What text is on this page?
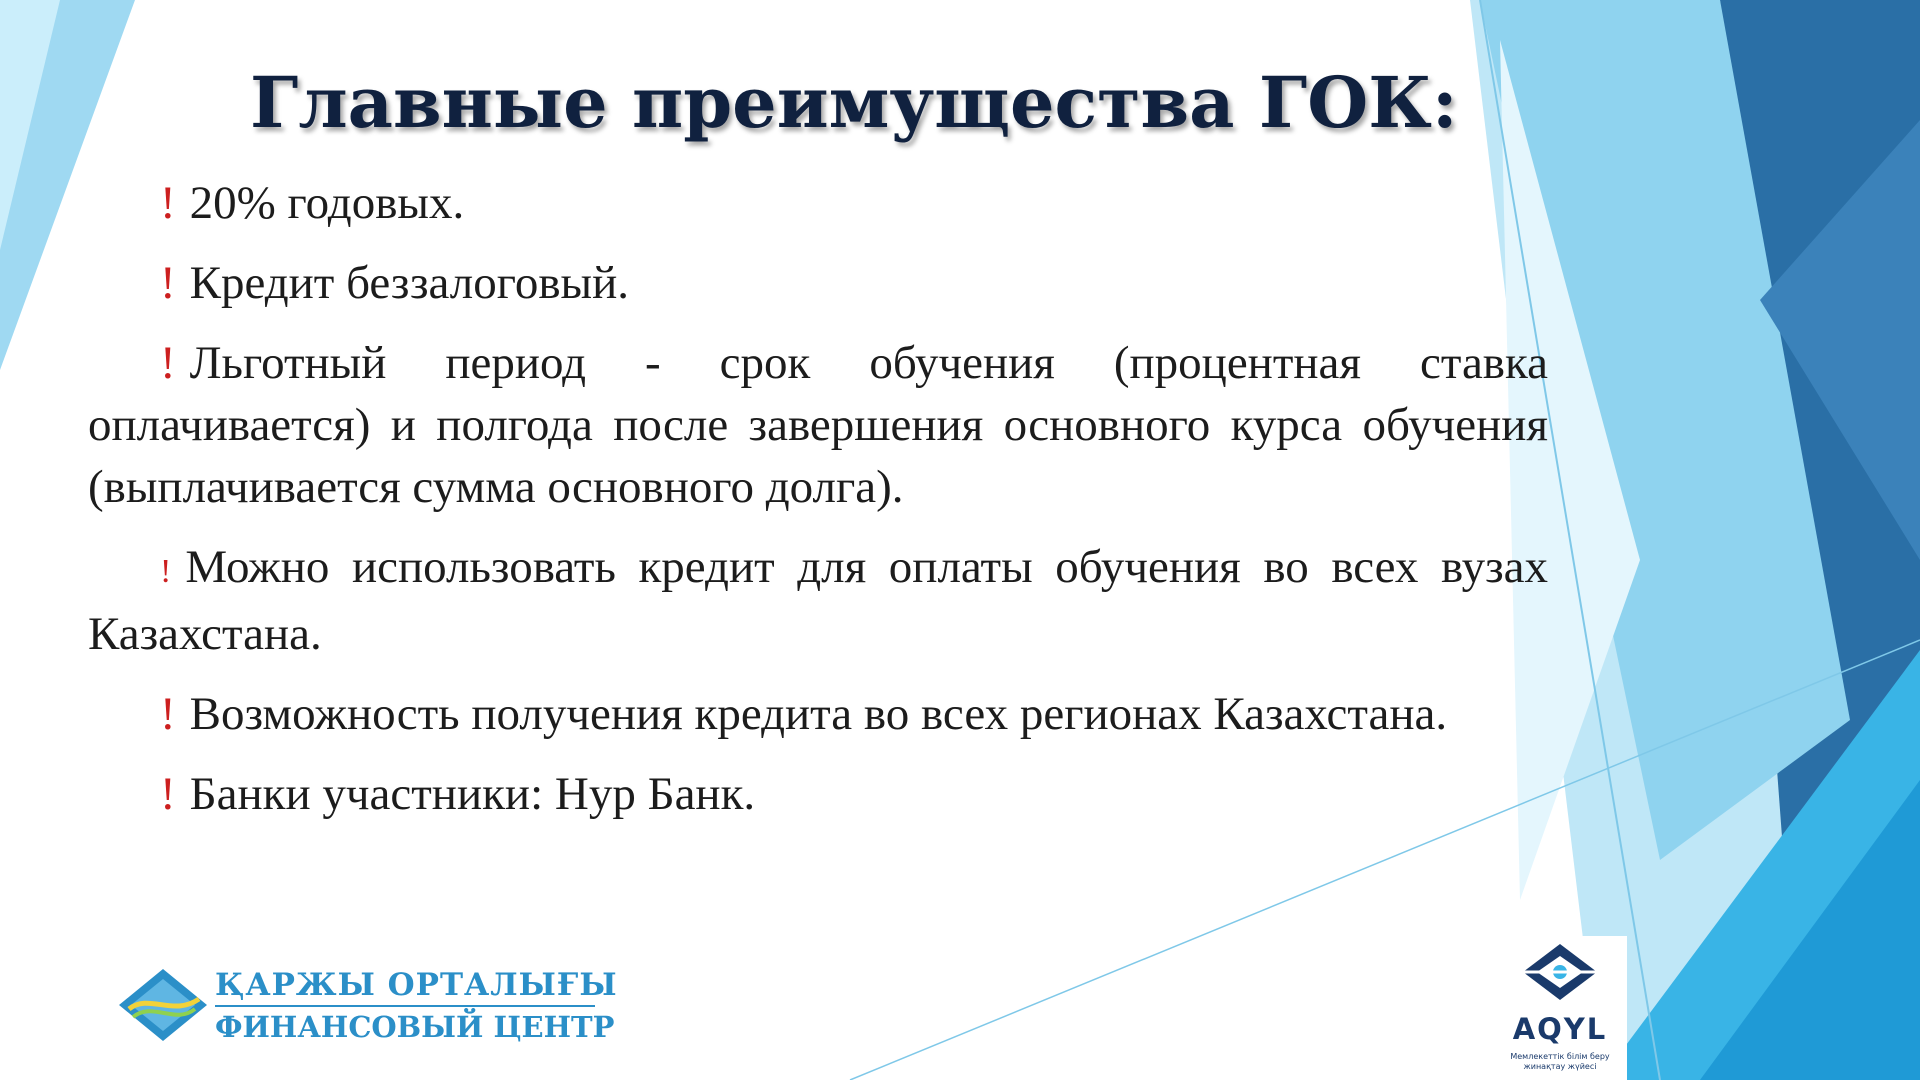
Главные преимущества ГОК:

! 20% годовых.

! Кредит беззалоговый.

! Льготный период - срок обучения (процентная ставка оплачивается) и полгода после завершения основного курса обучения (выплачивается сумма основного долга).

! Можно использовать кредит для оплаты обучения во всех вузах Казахстана.

! Возможность получения кредита во всех регионах Казахстана.

! Банки участники: Нур Банк.

ҚАРЖЫ ОРТАЛЫҒЫ
ФИНАНСОВЫЙ ЦЕНТР	AQYL
Мемлекеттік білім беру жинақтау жүйесі
